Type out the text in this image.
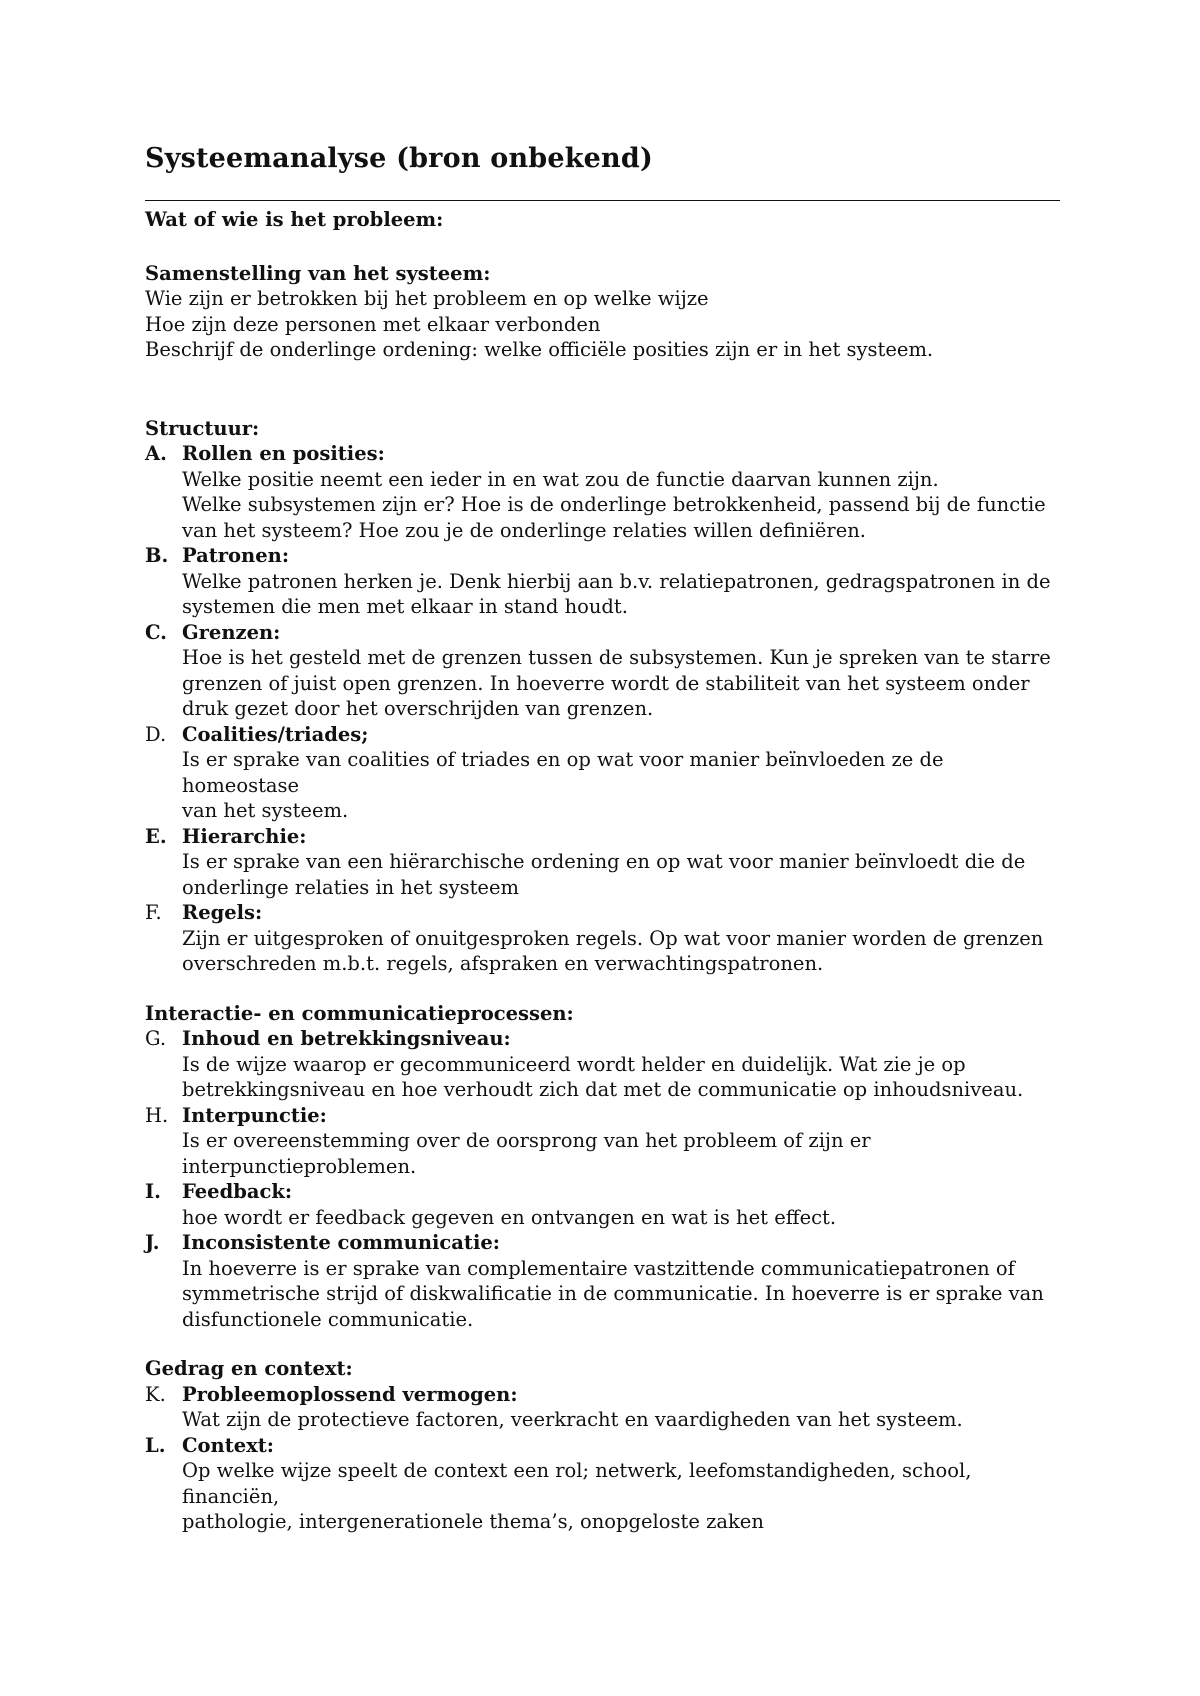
Systeemanalyse (bron onbekend)

Wat of wie is het probleem:

Samenstelling van het systeem:

Wie zijn er betrokken bij het probleem en op welke wijze

Hoe zijn deze personen met elkaar verbonden

Beschrijf de onderlinge ordening: welke officiële posities zijn er in het systeem.

Structuur:

A. Rollen en posities:

Welke positie neemt een ieder in en wat zou de functie daarvan kunnen zijn.

Welke subsystemen zijn er? Hoe is de onderlinge betrokkenheid, passend bij de functie

van het systeem? Hoe zou je de onderlinge relaties willen definiëren.

B. Patronen:

Welke patronen herken je. Denk hierbij aan b.v. relatiepatronen, gedragspatronen in de

systemen die men met elkaar in stand houdt.

C. Grenzen:

Hoe is het gesteld met de grenzen tussen de subsystemen. Kun je spreken van te starre

grenzen of juist open grenzen. In hoeverre wordt de stabiliteit van het systeem onder

druk gezet door het overschrijden van grenzen.

D. Coalities/triades;

Is er sprake van coalities of triades en op wat voor manier beïnvloeden ze de homeostase

van het systeem.

E. Hierarchie:

Is er sprake van een hiërarchische ordening en op wat voor manier beïnvloedt die de

onderlinge relaties in het systeem

F. Regels:

Zijn er uitgesproken of onuitgesproken regels. Op wat voor manier worden de grenzen

overschreden m.b.t. regels, afspraken en verwachtingspatronen.

Interactie- en communicatieprocessen:

G. Inhoud en betrekkingsniveau:

Is de wijze waarop er gecommuniceerd wordt helder en duidelijk. Wat zie je op

betrekkingsniveau en hoe verhoudt zich dat met de communicatie op inhoudsniveau.

H. Interpunctie:

Is er overeenstemming over de oorsprong van het probleem of zijn er

interpunctieproblemen.

I. Feedback:

hoe wordt er feedback gegeven en ontvangen en wat is het effect.

J. Inconsistente communicatie:

In hoeverre is er sprake van complementaire vastzittende communicatiepatronen of

symmetrische strijd of diskwalificatie in de communicatie. In hoeverre is er sprake van

disfunctionele communicatie.

Gedrag en context:

K. Probleemoplossend vermogen:

Wat zijn de protectieve factoren, veerkracht en vaardigheden van het systeem.

L. Context:

Op welke wijze speelt de context een rol; netwerk, leefomstandigheden, school, financiën,

pathologie, intergenerationele thema’s, onopgeloste zaken
